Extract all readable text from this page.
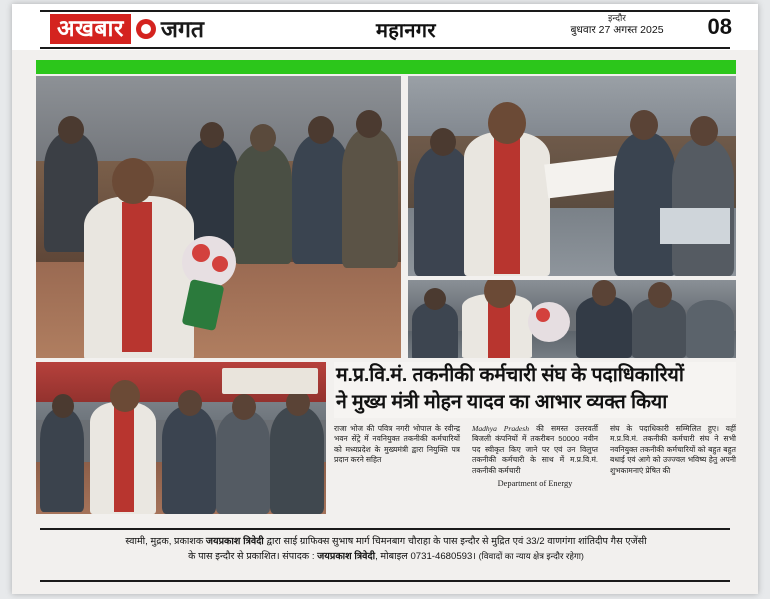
अखबार	जगत	महानगर
इन्दौर
बुधवार 27 अगस्त 2025	08
म.प्र.वि.मं. तकनीकी कर्मचारी संघ के पदाधिकारियों
ने मुख्य मंत्री मोहन यादव का आभार व्यक्त किया
राजा भोज की पवित्र नगरी भोपाल के रवीन्द्र भवन सेंट्रे में नवनियुक्त तकनीकी कर्मचारियों को मध्यप्रदेश के मुख्यमंत्री द्वारा नियुक्ति पत्र प्रदान करने सहित
Madhya Pradesh की समस्त उत्तरवर्ती बिजली कंपनियों में तकरीबन 50000 नवीन पद स्वीकृत किए जाने पर एवं उन विलुप्त तकनीकी कर्मचारी के साथ में म.प्र.वि.मं. तकनीकी कर्मचारी
Department of Energy
संघ के पदाधिकारी सम्मिलित हुए। वहीं म.प्र.वि.मं. तकनीकी कर्मचारी संघ ने सभी नवनियुक्त तकनीकी कर्मचारियों को बहुत बहुत बधाई एवं आगे को उज्ज्वल भविष्य हेतु अपनी शुभकामनाएं प्रेषित की
स्वामी, मुद्रक, प्रकाशक जयप्रकाश त्रिवेदी द्वारा साई ग्राफिक्स सुभाष मार्ग चिमनबाग चौराहा के पास इन्दौर से मुद्रित एवं 33/2 वाणगंगा शांतिदीप गैस एजेंसी
के पास इन्दौर से प्रकाशित। संपादक : जयप्रकाश त्रिवेदी, मोबाइल 0731-4680593। (विवादों का न्याय क्षेत्र इन्दौर रहेगा)
